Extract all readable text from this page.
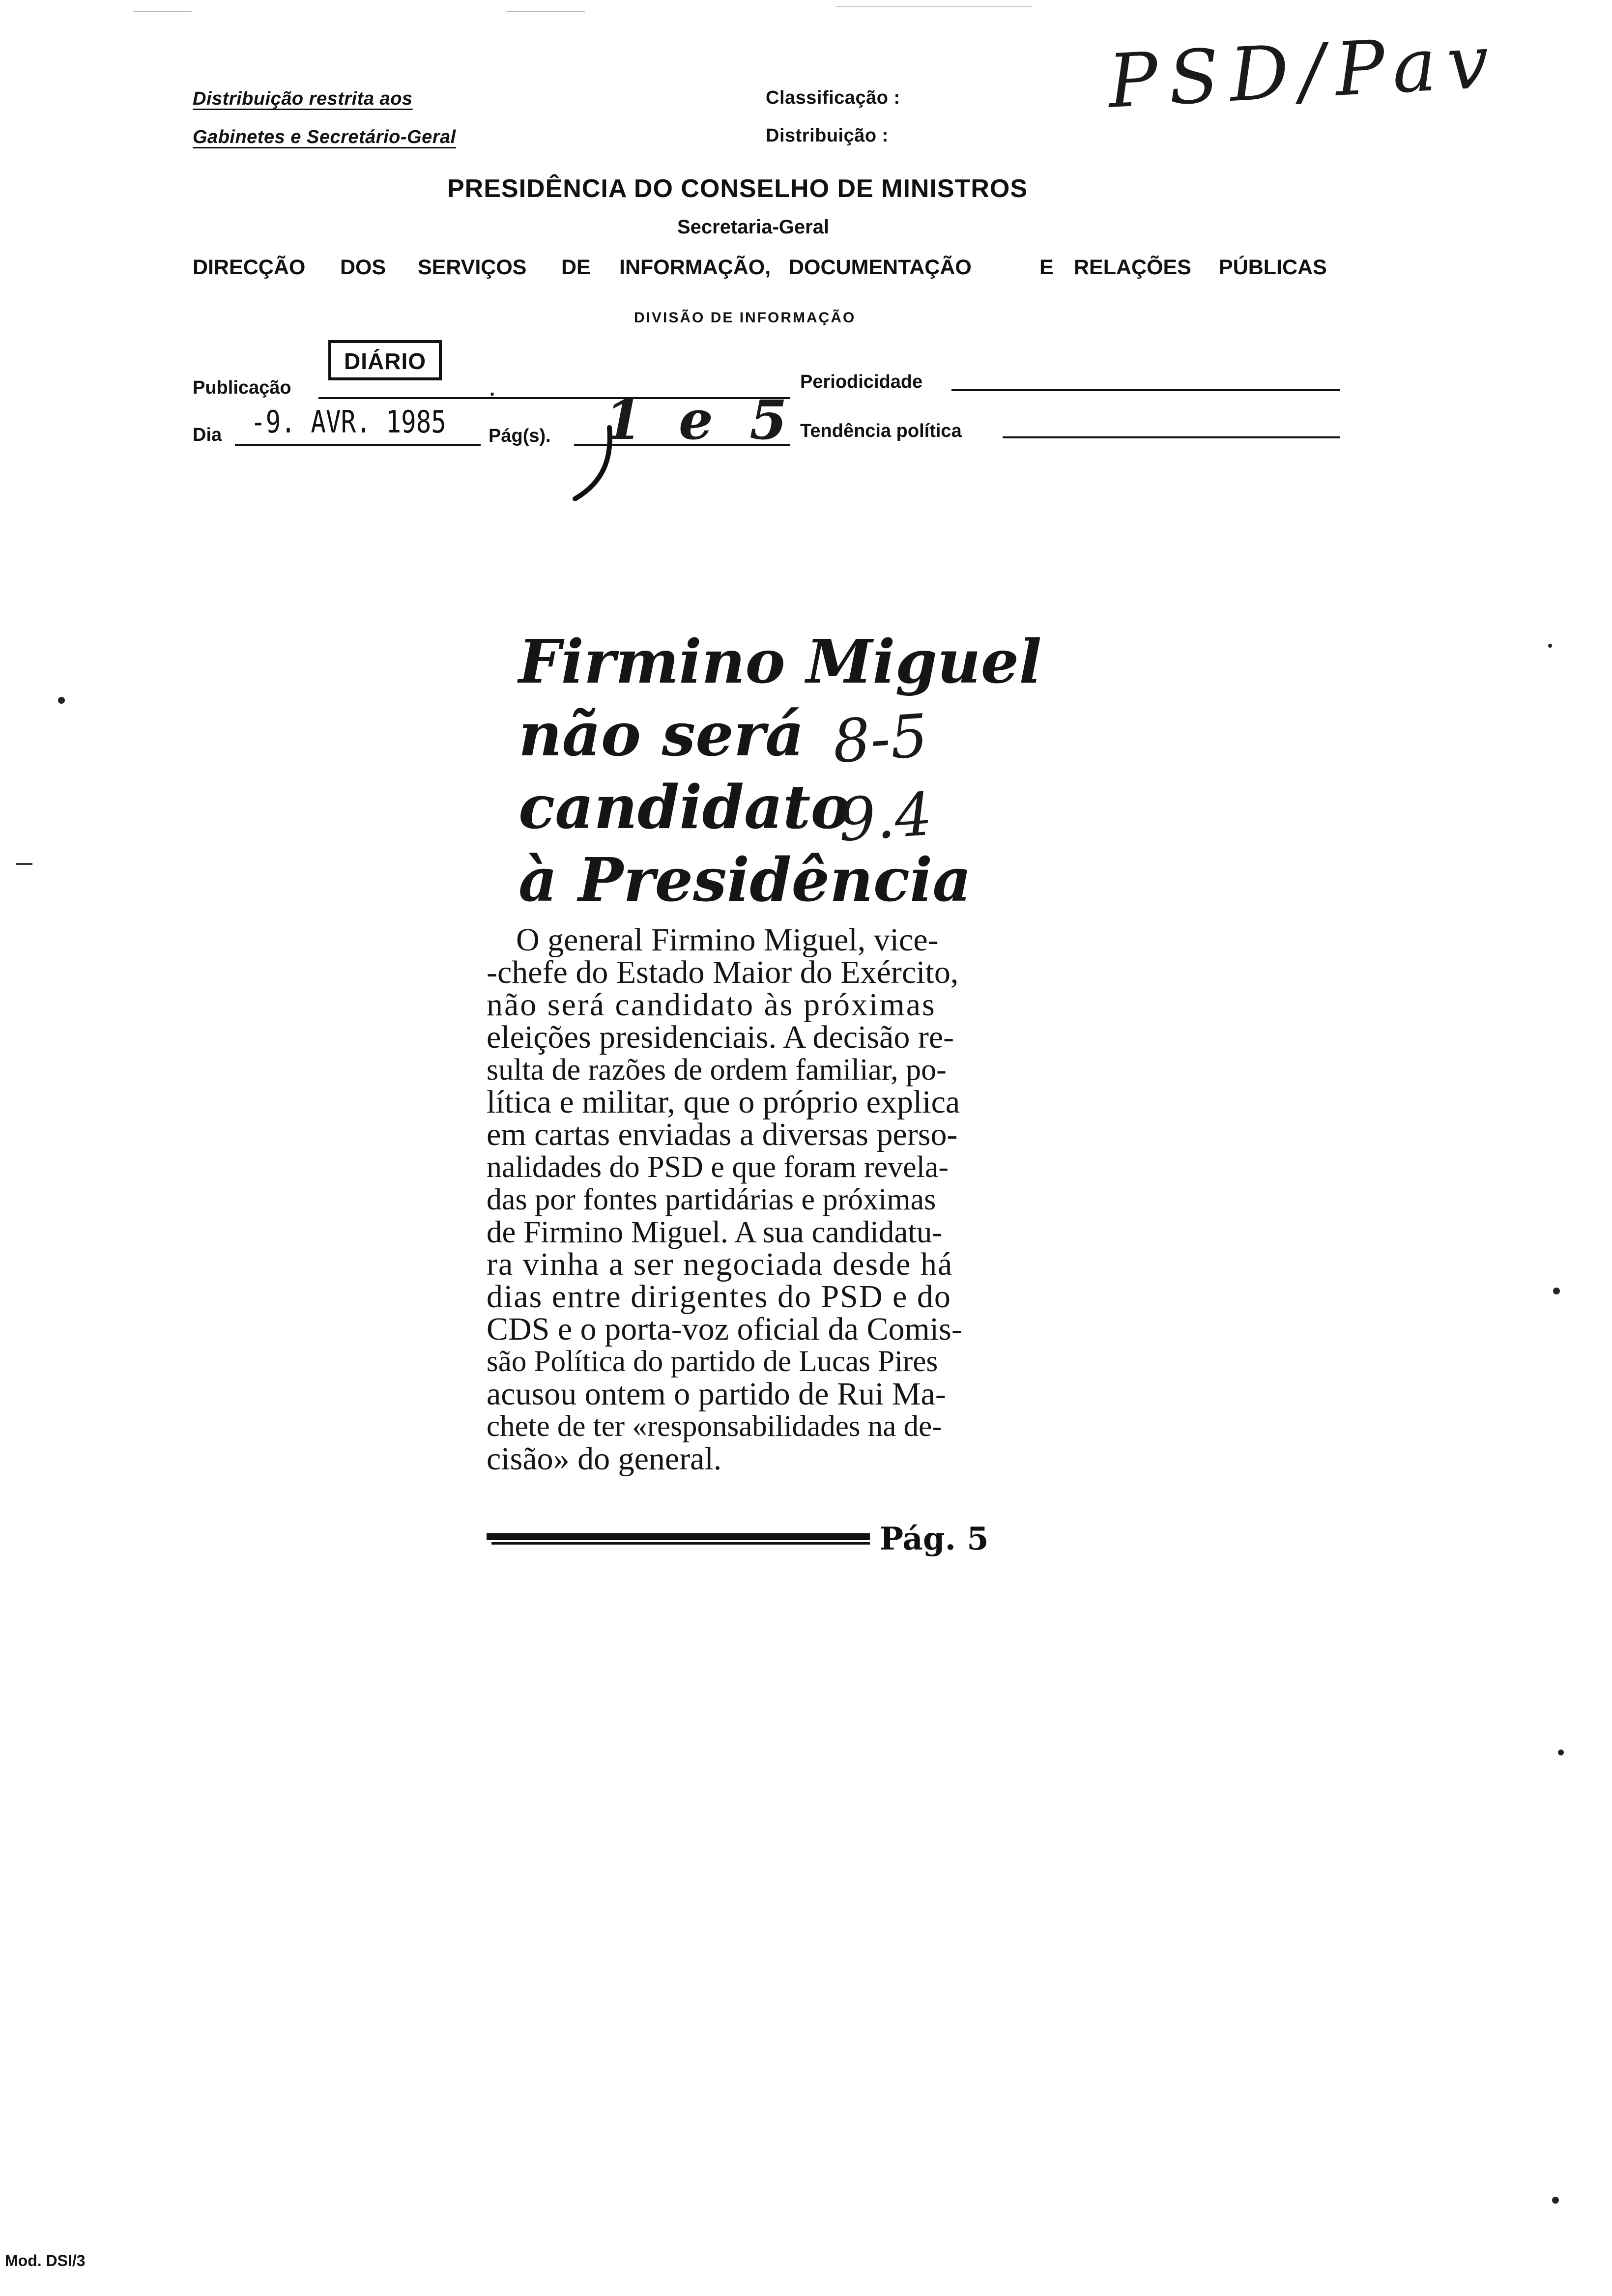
Distribuição restrita aos
Gabinetes e Secretário-Geral
Classificação :
Distribuição :
PSD/Pav
PRESIDÊNCIA DO CONSELHO DE MINISTROS
Secretaria-Geral
DIRECÇÃO DOS SERVIÇOS DE INFORMAÇÃO, DOCUMENTAÇÃO	E RELAÇÕES PÚBLICAS
DIVISÃO DE INFORMAÇÃO
Publicação
DIÁRIO
.	Periodicidade
Dia -9. AVR. 1985 Pág(s). 1 e 5 Tendência política
Firmino Miguel
não será
candidato
à Presidência
8-5 9.4
O general Firmino Miguel, vice-
-chefe do Estado Maior do Exército,
não será candidato às próximas
eleições presidenciais. A decisão re-
sulta de razões de ordem familiar, po-
lítica e militar, que o próprio explica
em cartas enviadas a diversas perso-
nalidades do PSD e que foram revela-
das por fontes partidárias e próximas
de Firmino Miguel. A sua candidatu-
ra vinha a ser negociada desde há
dias entre dirigentes do PSD e do
CDS e o porta-voz oficial da Comis-
são Política do partido de Lucas Pires
acusou ontem o partido de Rui Ma-
chete de ter «responsabilidades na de-
cisão» do general.
Pág. 5
Mod. DSI/3
